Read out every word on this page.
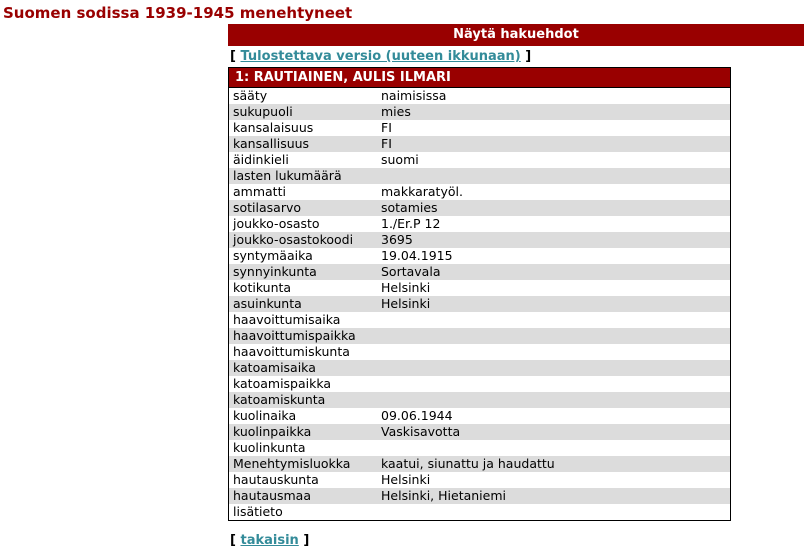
Suomen sodissa 1939-1945 menehtyneet
Näytä hakuehdot
[ Tulostettava versio (uuteen ikkunaan) ]
1: RAUTIAINEN, AULIS ILMARI
sääty	naimisissa
sukupuoli	mies
kansalaisuus	FI
kansallisuus	FI
äidinkieli	suomi
lasten lukumäärä
ammatti	makkaratyöl.
sotilasarvo	sotamies
joukko-osasto	1./Er.P 12
joukko-osastokoodi	3695
syntymäaika	19.04.1915
synnyinkunta	Sortavala
kotikunta	Helsinki
asuinkunta	Helsinki
haavoittumisaika
haavoittumispaikka
haavoittumiskunta
katoamisaika
katoamispaikka
katoamiskunta
kuolinaika	09.06.1944
kuolinpaikka	Vaskisavotta
kuolinkunta
Menehtymisluokka	kaatui, siunattu ja haudattu
hautauskunta	Helsinki
hautausmaa	Helsinki, Hietaniemi
lisätieto
[ takaisin ]
